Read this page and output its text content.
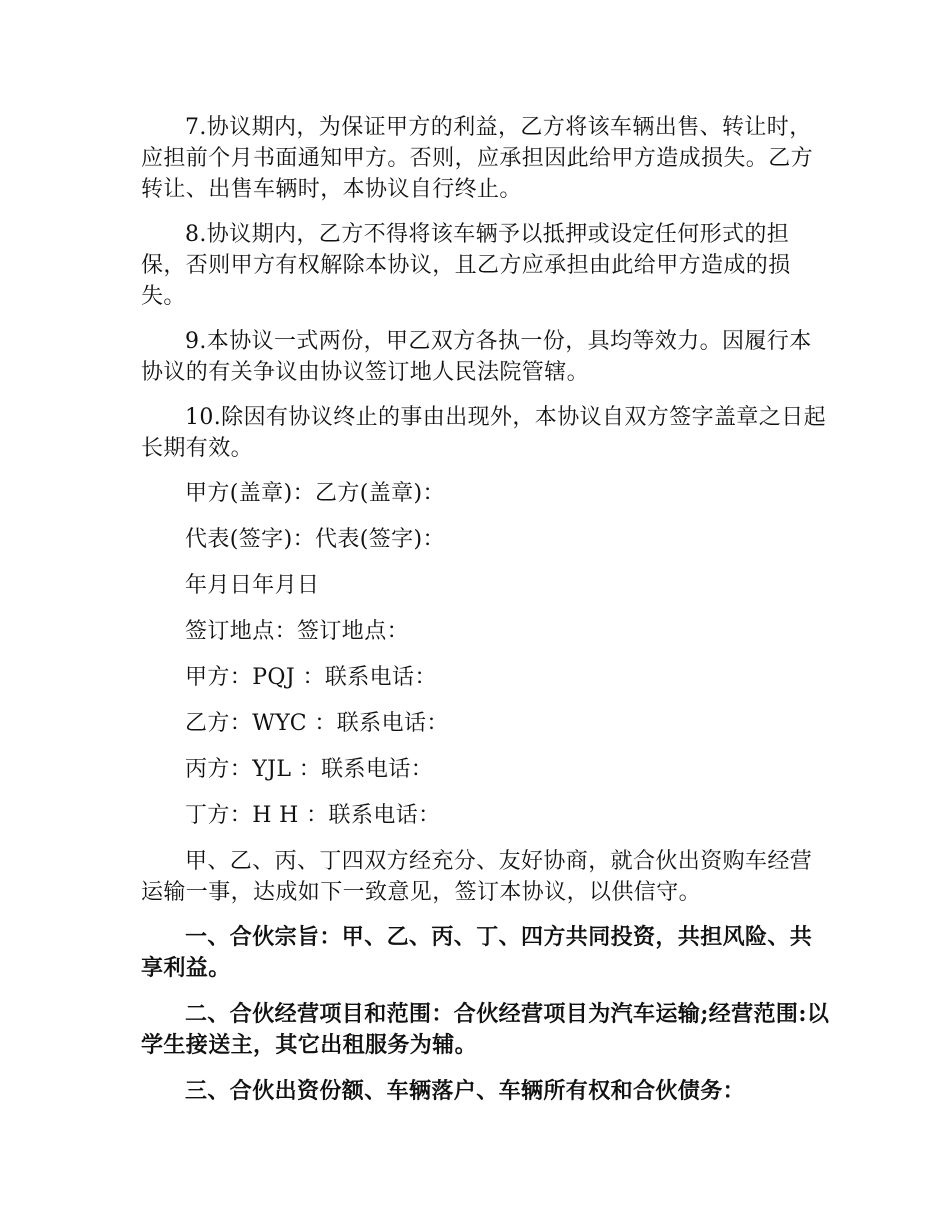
7.协议期内，为保证甲方的利益，乙方将该车辆出售、转让时，应担前个月书面通知甲方。否则，应承担因此给甲方造成损失。乙方转让、出售车辆时，本协议自行终止。

8.协议期内，乙方不得将该车辆予以抵押或设定任何形式的担保，否则甲方有权解除本协议，且乙方应承担由此给甲方造成的损失。

9.本协议一式两份，甲乙双方各执一份，具均等效力。因履行本协议的有关争议由协议签订地人民法院管辖。

10.除因有协议终止的事由出现外，本协议自双方签字盖章之日起长期有效。

甲方(盖章)：乙方(盖章)：

代表(签字)：代表(签字)：

年月日年月日

签订地点：签订地点：

甲方：PQJ ：联系电话：

乙方：WYC ：联系电话：

丙方：YJL ：联系电话：

丁方：H H ：联系电话：

甲、乙、丙、丁四双方经充分、友好协商，就合伙出资购车经营运输一事，达成如下一致意见，签订本协议，以供信守。

一、合伙宗旨：甲、乙、丙、丁、四方共同投资，共担风险、共享利益。

二、合伙经营项目和范围：合伙经营项目为汽车运输;经营范围:以学生接送主，其它出租服务为辅。

三、合伙出资份额、车辆落户、车辆所有权和合伙债务：
